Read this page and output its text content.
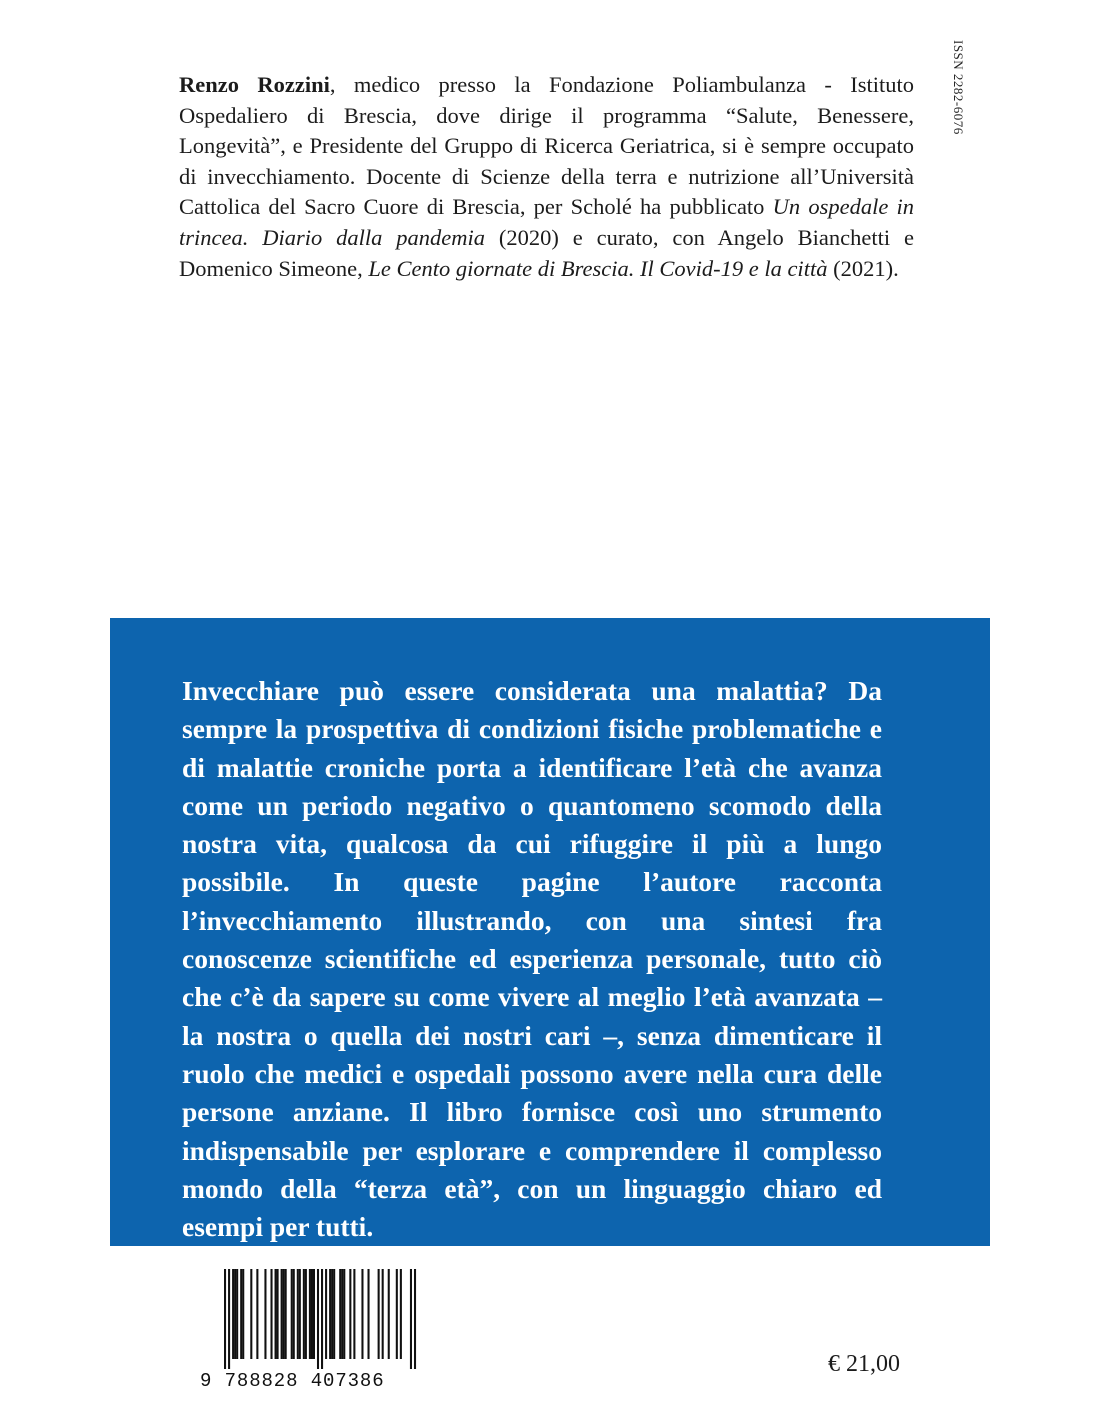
ISSN 2282-6076
Renzo Rozzini, medico presso la Fondazione Poliambulanza - Istituto Ospedaliero di Brescia, dove dirige il programma “Salute, Benessere, Longevità”, e Presidente del Gruppo di Ricerca Geriatrica, si è sempre occupato di invecchiamento. Docente di Scienze della terra e nutrizione all’Università Cattolica del Sacro Cuore di Brescia, per Scholé ha pubblicato Un ospedale in trincea. Diario dalla pandemia (2020) e curato, con Angelo Bianchetti e Domenico Simeone, Le Cento giornate di Brescia. Il Covid-19 e la città (2021).
Invecchiare può essere considerata una malattia? Da sempre la prospettiva di condizioni fisiche problematiche e di malattie croniche porta a identificare l’età che avanza come un periodo negativo o quantomeno scomodo della nostra vita, qualcosa da cui rifuggire il più a lungo possibile. In queste pagine l’autore racconta l’invecchiamento illustrando, con una sintesi fra conoscenze scientifiche ed esperienza personale, tutto ciò che c’è da sapere su come vivere al meglio l’età avanzata – la nostra o quella dei nostri cari –, senza dimenticare il ruolo che medici e ospedali possono avere nella cura delle persone anziane. Il libro fornisce così uno strumento indispensabile per esplorare e comprendere il complesso mondo della “terza età”, con un linguaggio chiaro ed esempi per tutti.
9 788828 407386
€ 21,00
